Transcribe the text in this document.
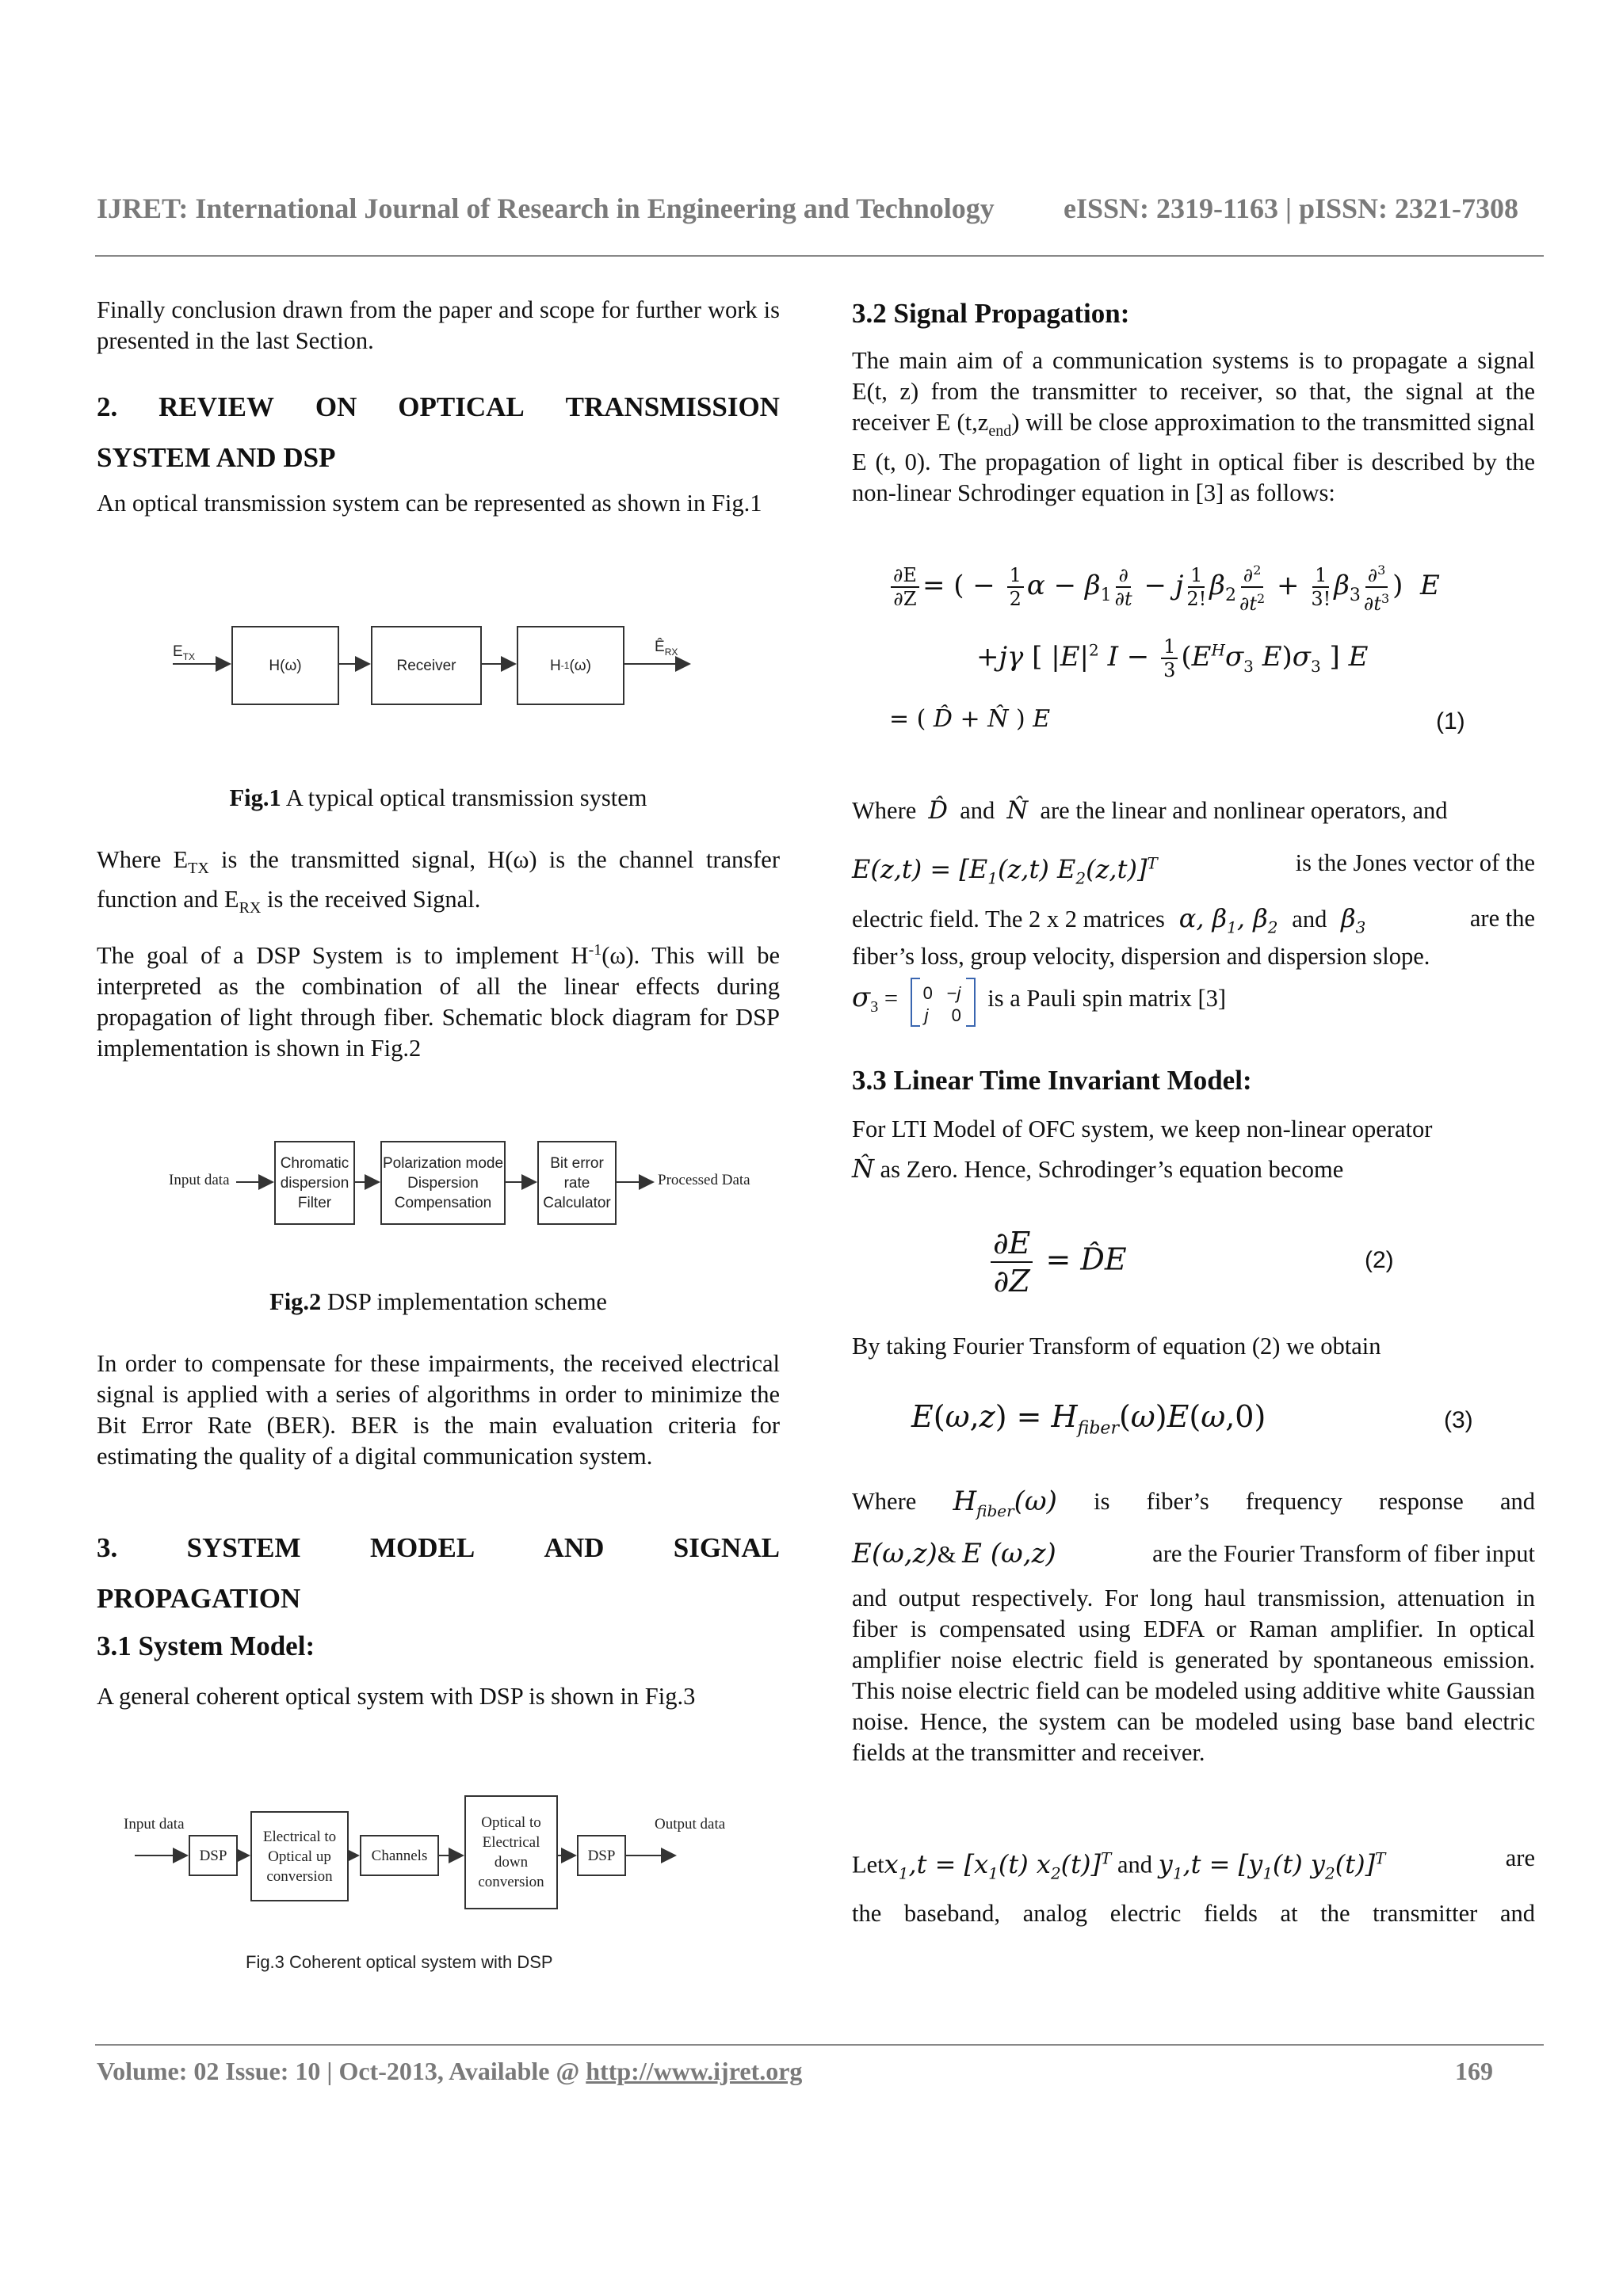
IJRET: International Journal of Research in Engineering and Technology eISSN: 2319-1163 | pISSN: 2321-7308

Finally conclusion drawn from the paper and scope for further work is presented in the last Section.

2. REVIEW ON OPTICAL TRANSMISSION
SYSTEM AND DSP

An optical transmission system can be represented as shown in Fig.1

$E_{TX}$
H(ω)	Receiver	H -1 (ω)
$Ê_{RX}$
Fig.1 A typical optical transmission system

Where $E_{TX}$ is the transmitted signal, H(ω) is the channel transfer function and $E_{RX}$ is the received Signal.

The goal of a DSP System is to implement $H^{-1}(\omega)$. This will be interpreted as the combination of all the linear effects during propagation of light through fiber. Schematic block diagram for DSP implementation is shown in Fig.2

Input data
Chromatic
dispersion
Filter
Polarization mode
Dispersion
Compensation
Bit error
rate
Calculator
Processed Data
Fig.2 DSP implementation scheme

In order to compensate for these impairments, the received electrical signal is applied with a series of algorithms in order to minimize the Bit Error Rate (BER). BER is the main evaluation criteria for estimating the quality of a digital communication system.

3. SYSTEM MODEL AND SIGNAL
PROPAGATION
3.1 System Model:

A general coherent optical system with DSP is shown in Fig.3

Input data
DSP
Electrical to
Optical up
conversion
Channels
Optical to
Electrical
down
conversion
DSP
Output data
Fig.3 Coherent optical system with DSP
3.2 Signal Propagation:

The main aim of a communication systems is to propagate a signal E(t, z) from the transmitter to receiver, so that, the signal at the receiver E $(t,z_{end})$ will be close approximation to the transmitted signal E (t, 0). The propagation of light in optical fiber is described by the non-linear Schrodinger equation in [3] as follows:

$\frac{\partial E}{\partial Z}$ = ( − $\frac{1}{2}$ $\alpha - \beta_1 \frac{\partial}{\partial t} - j \frac{1}{2!} \beta_2 \frac{\partial^2}{\partial t^2} + \frac{1}{3!} \beta_3 \frac{\partial^3}{\partial t^3}$ )  E
+jγ [ $|E|^2$ $I - \frac{1}{3} (E^H\sigma_3$ $E)\sigma_3$ ] E
= ( D̂ + N̂ ) E	(1)
Where D̂ and N̂ are the linear and nonlinear operators, and
$E(z,t) = [E_1(z,t)$ $E_2(z,t)]^T$	is the Jones vector of the
electric field. The 2 x 2 matrices  α, $\beta_1$, $\beta_2$ and  $\beta_3$	are the

fiber’s loss, group velocity, dispersion and dispersion slope.

$\sigma_3 = 0 -j$
j 0
is a Pauli spin matrix [3]
3.3 Linear Time Invariant Model:

For LTI Model of OFC system, we keep non-linear operator

N̂ as Zero. Hence, Schrodinger’s equation become
$\frac{\partial E}{\partial Z}$ = D̂E	(2)

By taking Fourier Transform of equation (2) we obtain

$E(\omega,z) = H_{fiber}(\omega)E(\omega,0)$	(3)
Where $H_{fiber}(\omega)$ is fiber’s frequency response and
E(ω,z)& E (ω,z)	are the Fourier Transform of fiber input

and output respectively. For long haul transmission, attenuation in fiber is compensated using EDFA or Raman amplifier. In optical amplifier noise electric field is generated by spontaneous emission. This noise electric field can be modeled using additive white Gaussian noise. Hence, the system can be modeled using base band electric fields at the transmitter and receiver.

Letx$_1$,t = [$x_1(t)$ $x_2(t)]^T$ and $y_1,t = [y_1(t)$ $y_2(t)]^T$	are

the baseband, analog electric fields at the transmitter and

Volume: 02 Issue: 10 | Oct-2013, Available @ http://www.ijret.org	169
